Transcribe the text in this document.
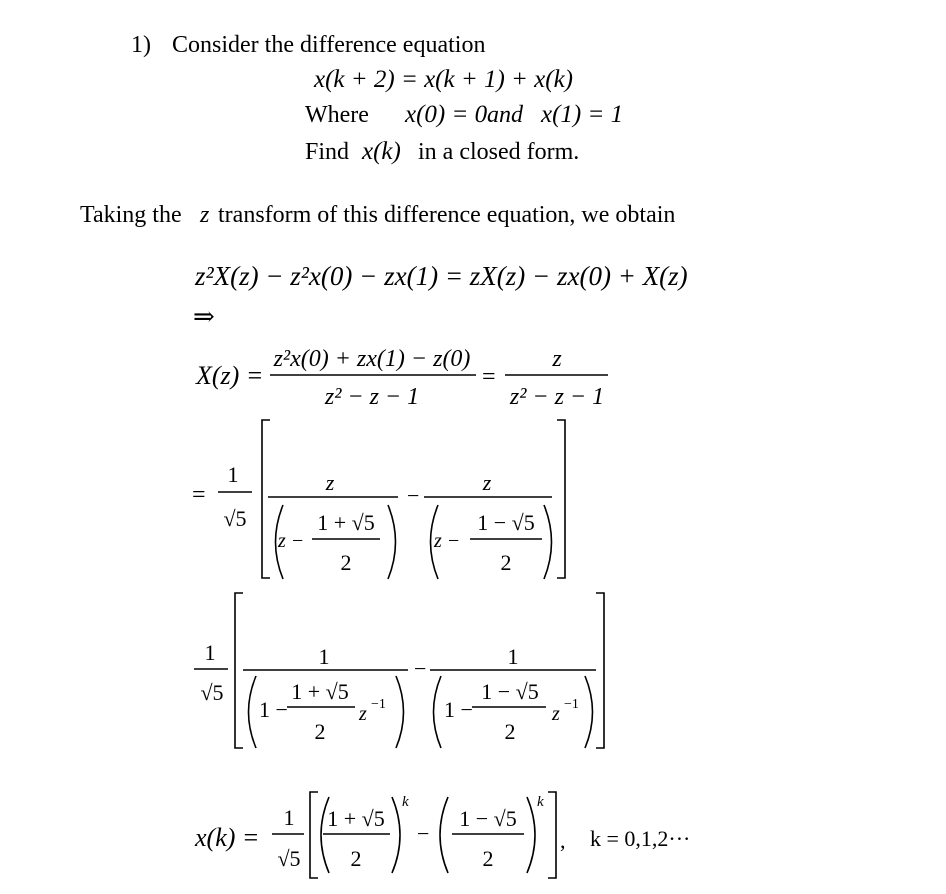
1) Consider the difference equation
x(k + 2) = x(k + 1) + x(k)
Where x(0) = 0 and x(1) = 1
Find x(k) in a closed form.
Taking the z transform of this difference equation, we obtain
z²X(z) − z²x(0) − zx(1) = zX(z) − zx(0) + X(z)
⇒
X(z) =
z²x(0) + zx(1) − z(0)
z² − z − 1
=
z
z² − z − 1
=
1
√5
z
z −
1 + √5
2
−
z
z −
1 − √5
2
1
√5
1
1 −
1 + √5
2
z −1
−	1
1 −
1 − √5
2
z −1
x(k) =
1
√5
1 + √5
2
k
−
1 − √5
2
k
, k = 0,1,2···
